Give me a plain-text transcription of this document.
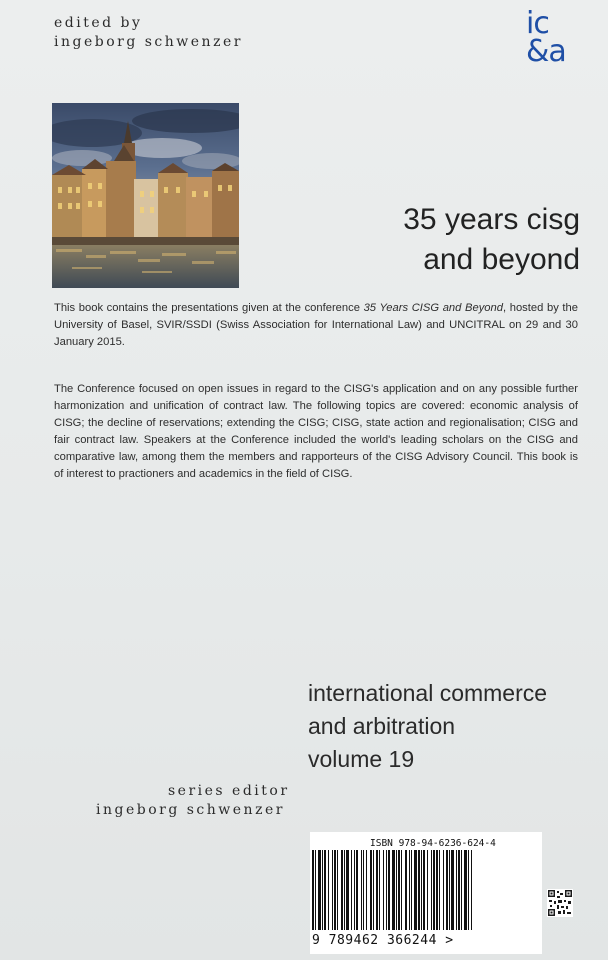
edited by
ingeborg schwenzer
ic
&a
35 years cisg
and beyond
This book contains the presentations given at the conference 35 Years CISG and Beyond, hosted by the University of Basel, SVIR/SSDI (Swiss Association for International Law) and UNCITRAL on 29 and 30 January 2015.
The Conference focused on open issues in regard to the CISG's application and on any possible further harmonization and unification of contract law. The following topics are covered: economic analysis of CISG; the decline of reservations; extending the CISG; CISG, state action and regionalisation; CISG and fair contract law. Speakers at the Conference included the world's leading scholars on the CISG and comparative law, among them the members and rapporteurs of the CISG Advisory Council. This book is of interest to practioners and academics in the field of CISG.
international commerce
and arbitration
volume 19
series editor
ingeborg schwenzer
ISBN 978-94-6236-624-4
9 789462 366244 >
